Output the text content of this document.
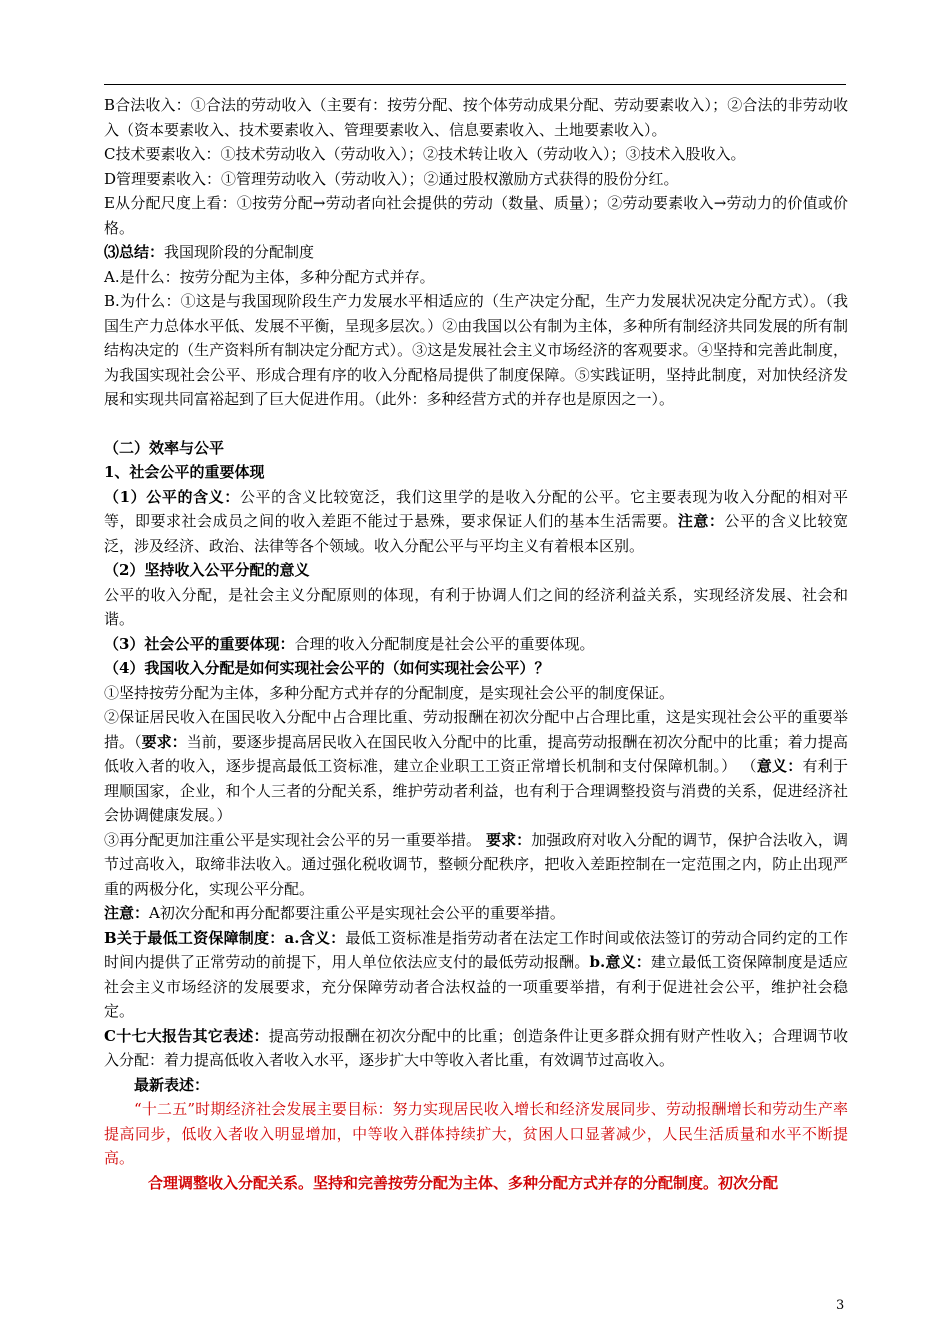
B合法收入：①合法的劳动收入（主要有：按劳分配、按个体劳动成果分配、劳动要素收入）；②合法的非劳动收入（资本要素收入、技术要素收入、管理要素收入、信息要素收入、土地要素收入）。

C技术要素收入：①技术劳动收入（劳动收入）；②技术转让收入（劳动收入）；③技术入股收入。

D管理要素收入：①管理劳动收入（劳动收入）；②通过股权激励方式获得的股份分红。

E从分配尺度上看：①按劳分配→劳动者向社会提供的劳动（数量、质量）；②劳动要素收入→劳动力的价值或价格。

⑶总结：我国现阶段的分配制度

A.是什么：按劳分配为主体，多种分配方式并存。

B.为什么：①这是与我国现阶段生产力发展水平相适应的（生产决定分配，生产力发展状况决定分配方式）。（我国生产力总体水平低、发展不平衡，呈现多层次。）②由我国以公有制为主体，多种所有制经济共同发展的所有制结构决定的（生产资料所有制决定分配方式）。③这是发展社会主义市场经济的客观要求。④坚持和完善此制度，为我国实现社会公平、形成合理有序的收入分配格局提供了制度保障。⑤实践证明，坚持此制度，对加快经济发展和实现共同富裕起到了巨大促进作用。（此外：多种经营方式的并存也是原因之一）。

（二）效率与公平

1、社会公平的重要体现

（1）公平的含义：公平的含义比较宽泛，我们这里学的是收入分配的公平。它主要表现为收入分配的相对平等，即要求社会成员之间的收入差距不能过于悬殊，要求保证人们的基本生活需要。注意：公平的含义比较宽泛，涉及经济、政治、法律等各个领域。收入分配公平与平均主义有着根本区别。

（2）坚持收入公平分配的意义

公平的收入分配，是社会主义分配原则的体现，有利于协调人们之间的经济利益关系，实现经济发展、社会和谐。

（3）社会公平的重要体现：合理的收入分配制度是社会公平的重要体现。

（4）我国收入分配是如何实现社会公平的（如何实现社会公平）？

①坚持按劳分配为主体，多种分配方式并存的分配制度，是实现社会公平的制度保证。

②保证居民收入在国民收入分配中占合理比重、劳动报酬在初次分配中占合理比重，这是实现社会公平的重要举措。（要求：当前，要逐步提高居民收入在国民收入分配中的比重，提高劳动报酬在初次分配中的比重；着力提高低收入者的收入，逐步提高最低工资标准，建立企业职工工资正常增长机制和支付保障机制。） （意义：有利于理顺国家，企业，和个人三者的分配关系，维护劳动者利益，也有利于合理调整投资与消费的关系，促进经济社会协调健康发展。）

③再分配更加注重公平是实现社会公平的另一重要举措。 要求：加强政府对收入分配的调节，保护合法收入，调节过高收入，取缔非法收入。通过强化税收调节，整顿分配秩序，把收入差距控制在一定范围之内，防止出现严重的两极分化，实现公平分配。

注意：A初次分配和再分配都要注重公平是实现社会公平的重要举措。

B关于最低工资保障制度：a.含义：最低工资标准是指劳动者在法定工作时间或依法签订的劳动合同约定的工作时间内提供了正常劳动的前提下，用人单位依法应支付的最低劳动报酬。b.意义：建立最低工资保障制度是适应社会主义市场经济的发展要求，充分保障劳动者合法权益的一项重要举措，有利于促进社会公平，维护社会稳定。

C十七大报告其它表述：提高劳动报酬在初次分配中的比重；创造条件让更多群众拥有财产性收入；合理调节收入分配：着力提高低收入者收入水平，逐步扩大中等收入者比重，有效调节过高收入。

最新表述：

“十二五”时期经济社会发展主要目标：努力实现居民收入增长和经济发展同步、劳动报酬增长和劳动生产率提高同步，低收入者收入明显增加，中等收入群体持续扩大，贫困人口显著减少，人民生活质量和水平不断提高。

合理调整收入分配关系。坚持和完善按劳分配为主体、多种分配方式并存的分配制度。初次分配

3
